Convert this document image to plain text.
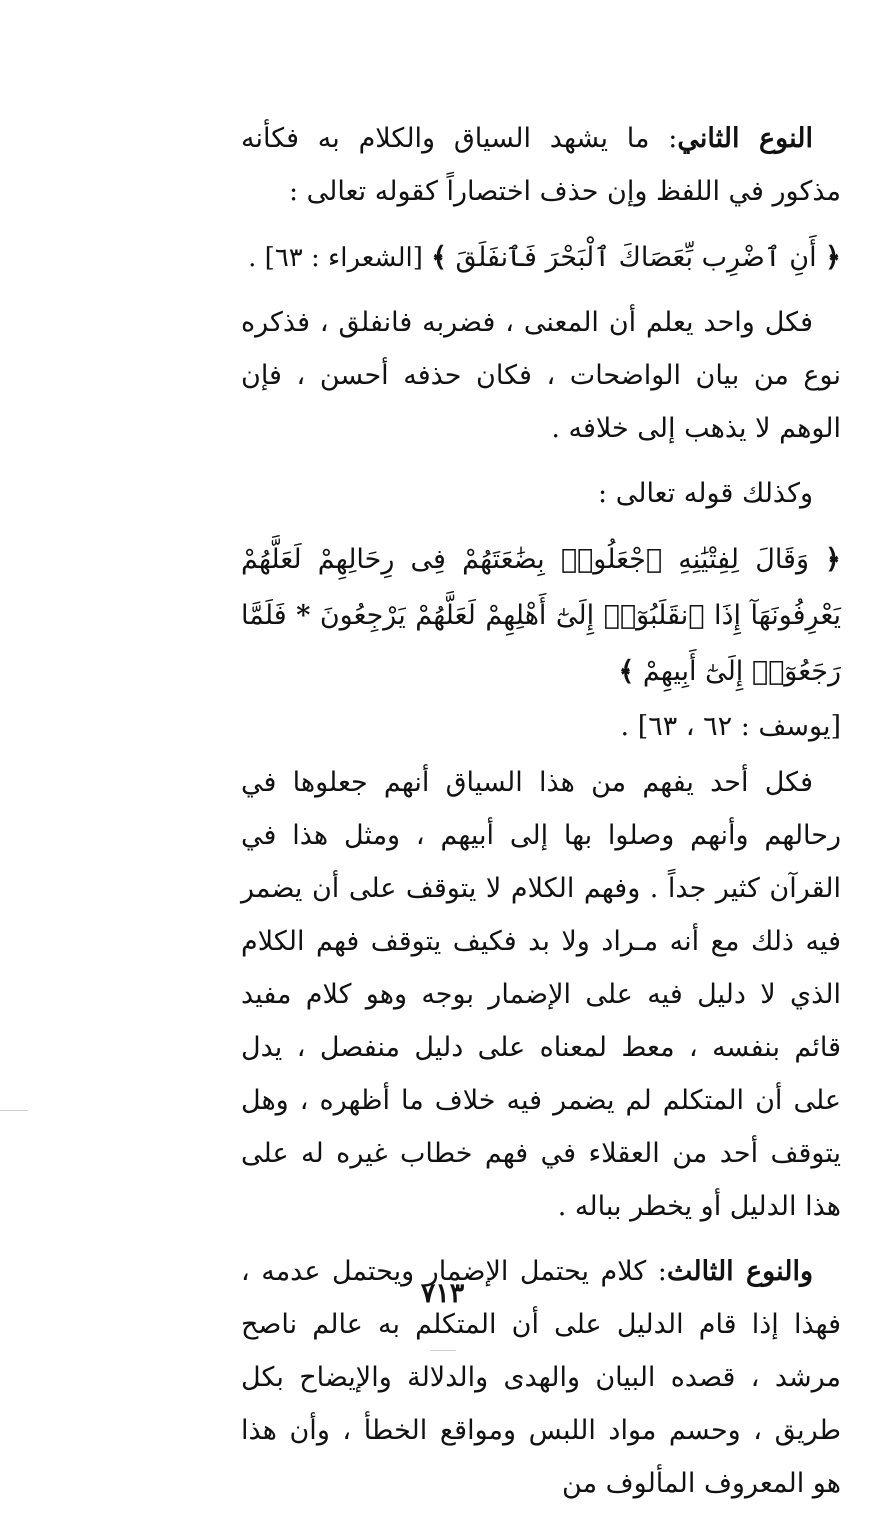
النوع الثاني: ما يشهد السياق والكلام به فكأنه مذكور في اللفظ وإن حذف اختصاراً كقوله تعالى :

﴿ أَنِ ٱضْرِب بِّعَصَاكَ ٱلْبَحْرَ فَٱنفَلَقَ ﴾ [الشعراء : ٦٣] .

فكل واحد يعلم أن المعنى ، فضربه فانفلق ، فذكره نوع من بيان الواضحات ، فكان حذفه أحسن ، فإن الوهم لا يذهب إلى خلافه .

وكذلك قوله تعالى :

﴿ وَقَالَ لِفِتْيَٰنِهِ ٱجْعَلُوا۟ بِضَٰعَتَهُمْ فِى رِحَالِهِمْ لَعَلَّهُمْ يَعْرِفُونَهَآ إِذَا ٱنقَلَبُوٓا۟ إِلَىٰٓ أَهْلِهِمْ لَعَلَّهُمْ يَرْجِعُونَ * فَلَمَّا رَجَعُوٓا۟ إِلَىٰٓ أَبِيهِمْ ﴾

[يوسف : ٦٢ ، ٦٣] .

فكل أحد يفهم من هذا السياق أنهم جعلوها في رحالهم وأنهم وصلوا بها إلى أبيهم ، ومثل هذا في القرآن كثير جداً . وفهم الكلام لا يتوقف على أن يضمر فيه ذلك مع أنه مـراد ولا بد فكيف يتوقف فهم الكلام الذي لا دليل فيه على الإضمار بوجه وهو كلام مفيد قائم بنفسه ، معط لمعناه على دليل منفصل ، يدل على أن المتكلم لم يضمر فيه خلاف ما أظهره ، وهل يتوقف أحد من العقلاء في فهم خطاب غيره له على هذا الدليل أو يخطر بباله .

والنوع الثالث: كلام يحتمل الإضمار ويحتمل عدمه ، فهذا إذا قام الدليل على أن المتكلم به عالم ناصح مرشد ، قصده البيان والهدى والدلالة والإيضاح بكل طريق ، وحسم مواد اللبس ومواقع الخطأ ، وأن هذا هو المعروف المألوف من

٧١٣
